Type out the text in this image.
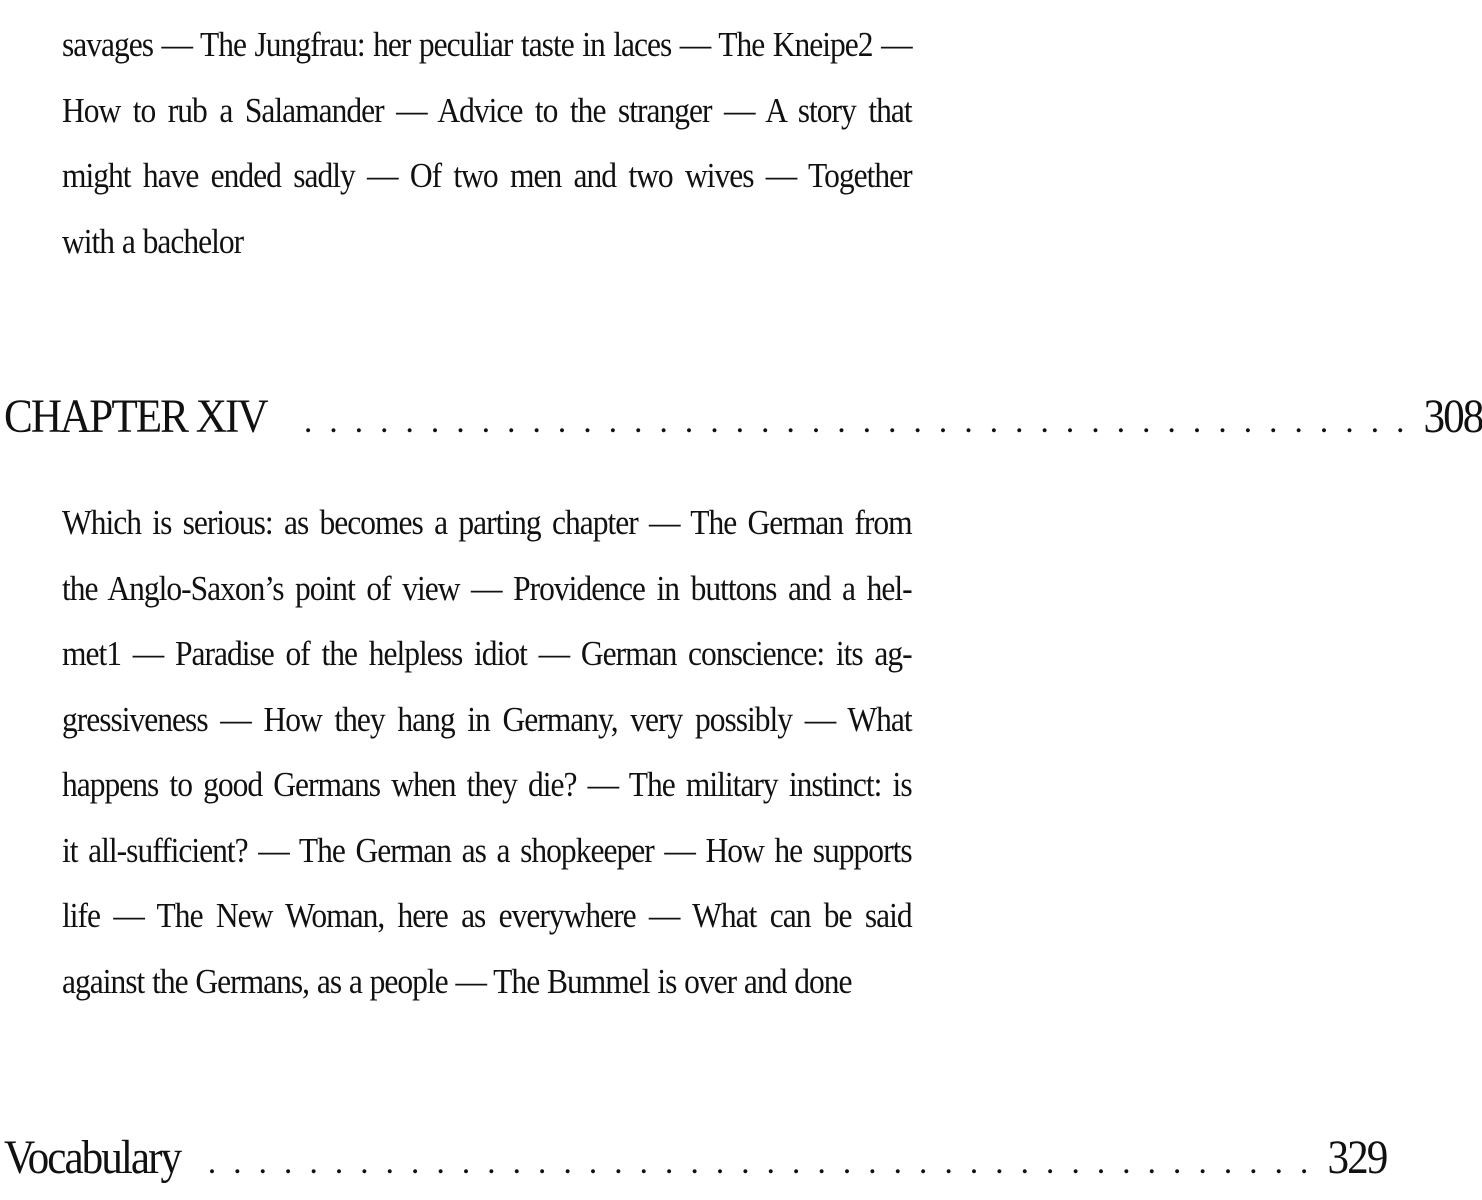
savages — The Jungfrau: her peculiar taste in laces — The Kneipe2 —
How to rub a Salamander — Advice to the stranger — A story that
might have ended sadly — Of two men and two wives — Together
with a bachelor
CHAPTER XIV . . . . . . . . . . . . . . . . . . . . . . . . . . . . . . . . . . . . . . . . . . . . 308
Which is serious: as becomes a parting chapter — The German from
the Anglo-Saxon’s point of view — Providence in buttons and a hel-
met1 — Paradise of the helpless idiot — German conscience: its ag-
gressiveness — How they hang in Germany, very possibly — What
happens to good Germans when they die? — The military instinct: is
it all-sufficient? — The German as a shopkeeper — How he supports
life — The New Woman, here as everywhere — What can be said
against the Germans, as a people — The Bummel is over and done
Vocabulary . . . . . . . . . . . . . . . . . . . . . . . . . . . . . . . . . . . . . . . . . . . . 329
